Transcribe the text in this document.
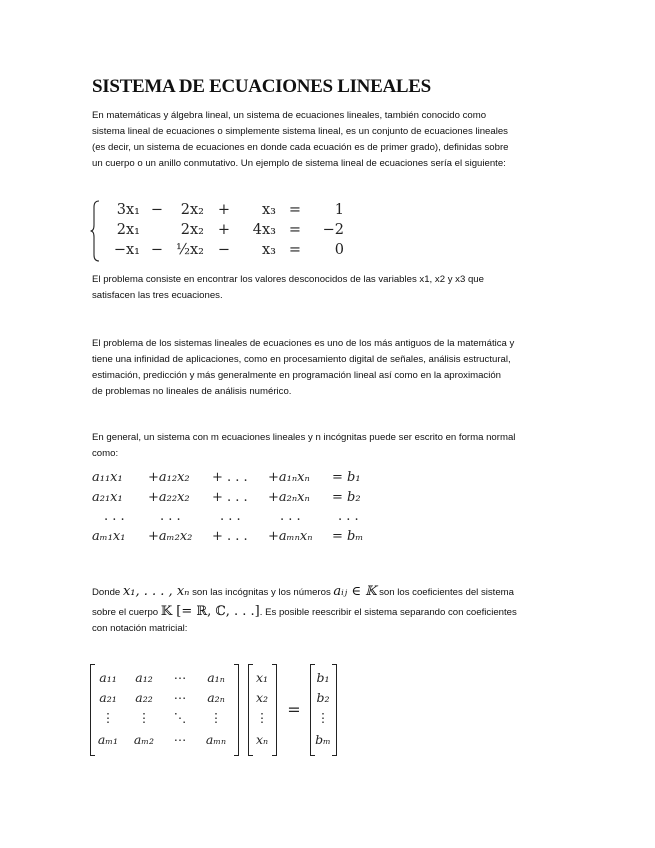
SISTEMA DE ECUACIONES LINEALES
En matemáticas y álgebra lineal, un sistema de ecuaciones lineales, también conocido como
sistema lineal de ecuaciones o simplemente sistema lineal, es un conjunto de ecuaciones lineales
(es decir, un sistema de ecuaciones en donde cada ecuación es de primer grado), definidas sobre
un cuerpo o un anillo conmutativo. Un ejemplo de sistema lineal de ecuaciones sería el siguiente:
3x₁	−	2x₂	+	x₃	=	1
2x₁		2x₂	+	4x₃	=	−2
−x₁	−	½x₂	−	x₃	=	0
El problema consiste en encontrar los valores desconocidos de las variables x1, x2 y x3 que
satisfacen las tres ecuaciones.
El problema de los sistemas lineales de ecuaciones es uno de los más antiguos de la matemática y
tiene una infinidad de aplicaciones, como en procesamiento digital de señales, análisis estructural,
estimación, predicción y más generalmente en programación lineal así como en la aproximación
de problemas no lineales de análisis numérico.
En general, un sistema con m ecuaciones lineales y n incógnitas puede ser escrito en forma normal
como:
a₁₁x₁	+a₁₂x₂	+ . . .	+a₁ₙxₙ	= b₁
a₂₁x₁	+a₂₂x₂	+ . . .	+a₂ₙxₙ	= b₂
. . .	. . .	. . .	. . .	. . .
aₘ₁x₁	+aₘ₂x₂	+ . . .	+aₘₙxₙ	= bₘ
Donde x₁, . . . , xₙ son las incógnitas y los números aᵢⱼ ∈ 𝕂 son los coeficientes del sistema
sobre el cuerpo 𝕂 [= ℝ, ℂ, . . .]. Es posible reescribir el sistema separando con coeficientes
con notación matricial:
a₁₁	a₁₂	⋯	a₁ₙ
a₂₁	a₂₂	⋯	a₂ₙ
⋮	⋮	⋱	⋮
aₘ₁	aₘ₂	⋯	aₘₙ
x₁
x₂
⋮
xₙ
=
b₁
b₂
⋮
bₘ
